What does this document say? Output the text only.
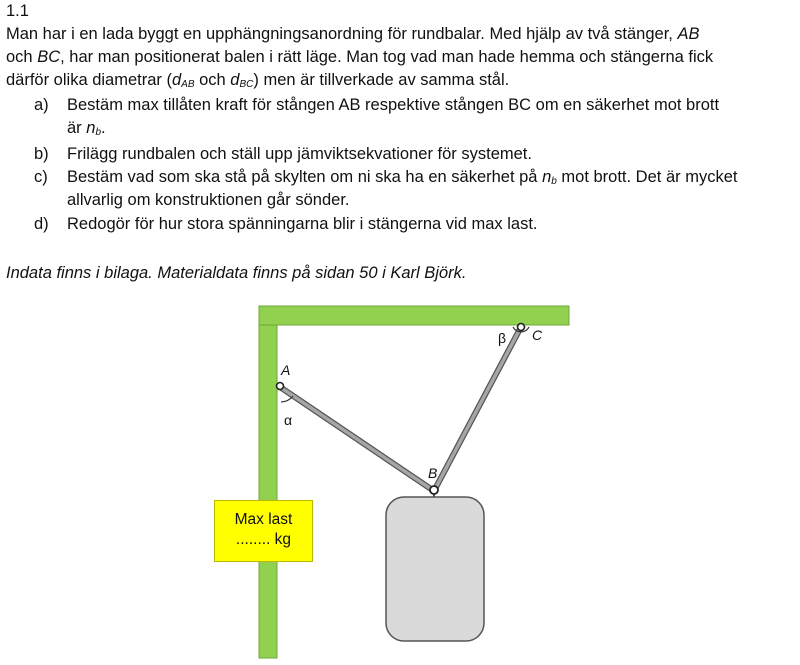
1.1
Man har i en lada byggt en upphängningsanordning för rundbalar. Med hjälp av två stänger, AB
och BC, har man positionerat balen i rätt läge. Man tog vad man hade hemma och stängerna fick
därför olika diametrar ($d_{AB}$ och $d_{BC}$) men är tillverkade av samma stål.
a) Bestäm max tillåten kraft för stången AB respektive stången BC om en säkerhet mot brott
är $n_b$.
b) Frilägg rundbalen och ställ upp jämviktsekvationer för systemet.
c) Bestäm vad som ska stå på skylten om ni ska ha en säkerhet på $n_b$ mot brott. Det är mycket
allvarlig om konstruktionen går sönder.
d) Redogör för hur stora spänningarna blir i stängerna vid max last.
Indata finns i bilaga. Materialdata finns på sidan 50 i Karl Björk.
A
α
B
β C
Max last
........ kg
